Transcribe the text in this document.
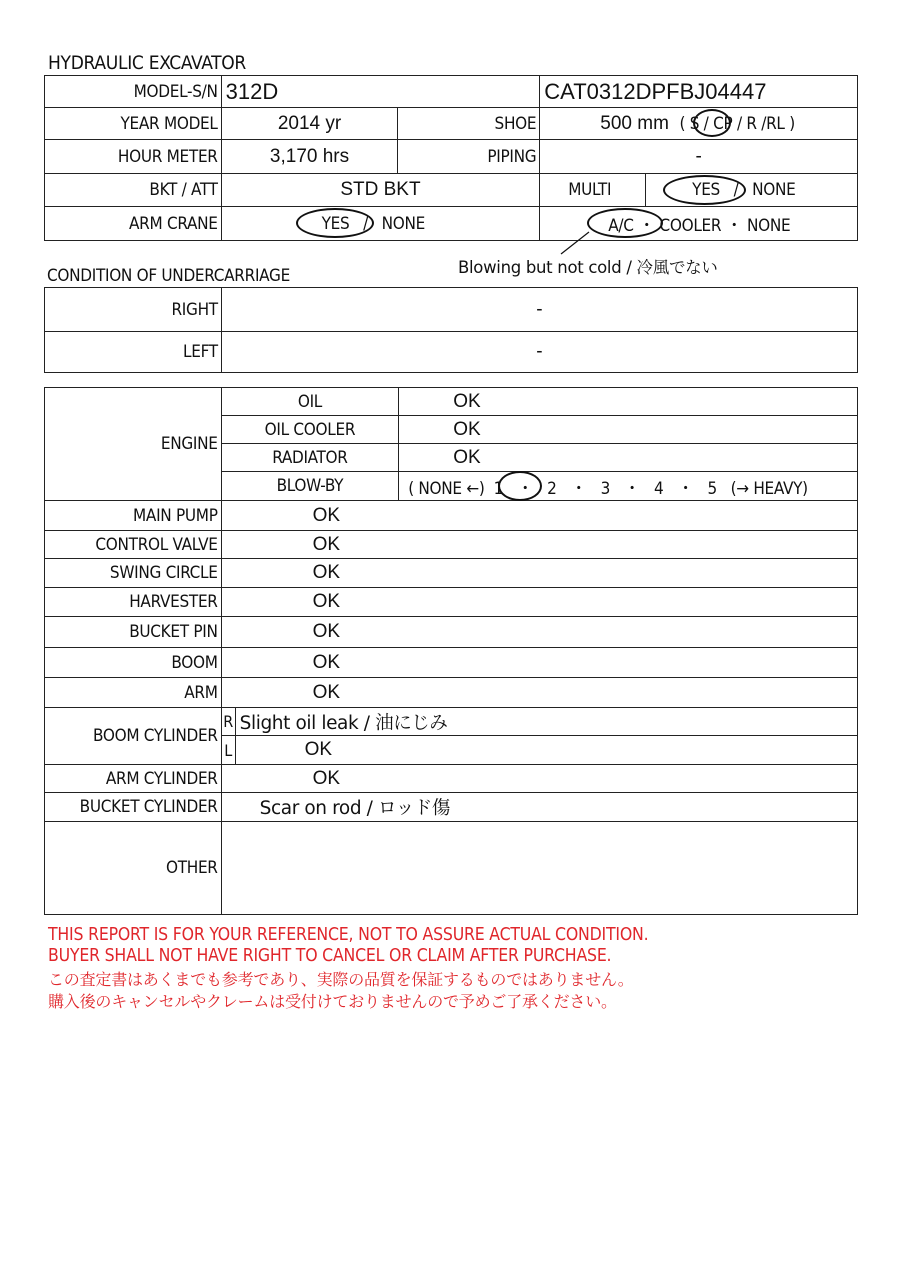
HYDRAULIC EXCAVATOR
MODEL-S/N	312D		CAT0312DPFBJ04447	
YEAR MODEL	2014 yr	SHOE	500 mm ( S / CP / R /RL )	
HOUR METER	3,170 hrs	PIPING	-	
BKT / ATT	STD BKT		MULTI	YES   /   NONE
ARM CRANE	YES   /   NONE		A/C ・ COOLER ・ NONE	
Blowing but not cold / 冷風でない
CONDITION OF UNDERCARRIAGE
RIGHT	-
LEFT	-
ENGINE	OIL		OK
	OIL COOLER		OK
	RADIATOR		OK
	BLOW-BY		( NONE ←)  1   ・   2   ・   3   ・   4   ・   5   (→ HEAVY)
MAIN PUMP	OK		
CONTROL VALVE	OK		
SWING CIRCLE	OK		
HARVESTER	OK		
BUCKET PIN	OK		
BOOM	OK		
ARM	OK		
BOOM CYLINDER	R	Slight oil leak / 油にじみ	
	L	OK	
ARM CYLINDER	OK		
BUCKET CYLINDER	Scar on rod / ロッド傷		
OTHER			
THIS REPORT IS FOR YOUR REFERENCE, NOT TO ASSURE ACTUAL CONDITION.
BUYER SHALL NOT HAVE RIGHT TO CANCEL OR CLAIM AFTER PURCHASE.
この査定書はあくまでも参考であり、実際の品質を保証するものではありません。
購入後のキャンセルやクレームは受付けておりませんので予めご了承ください。
